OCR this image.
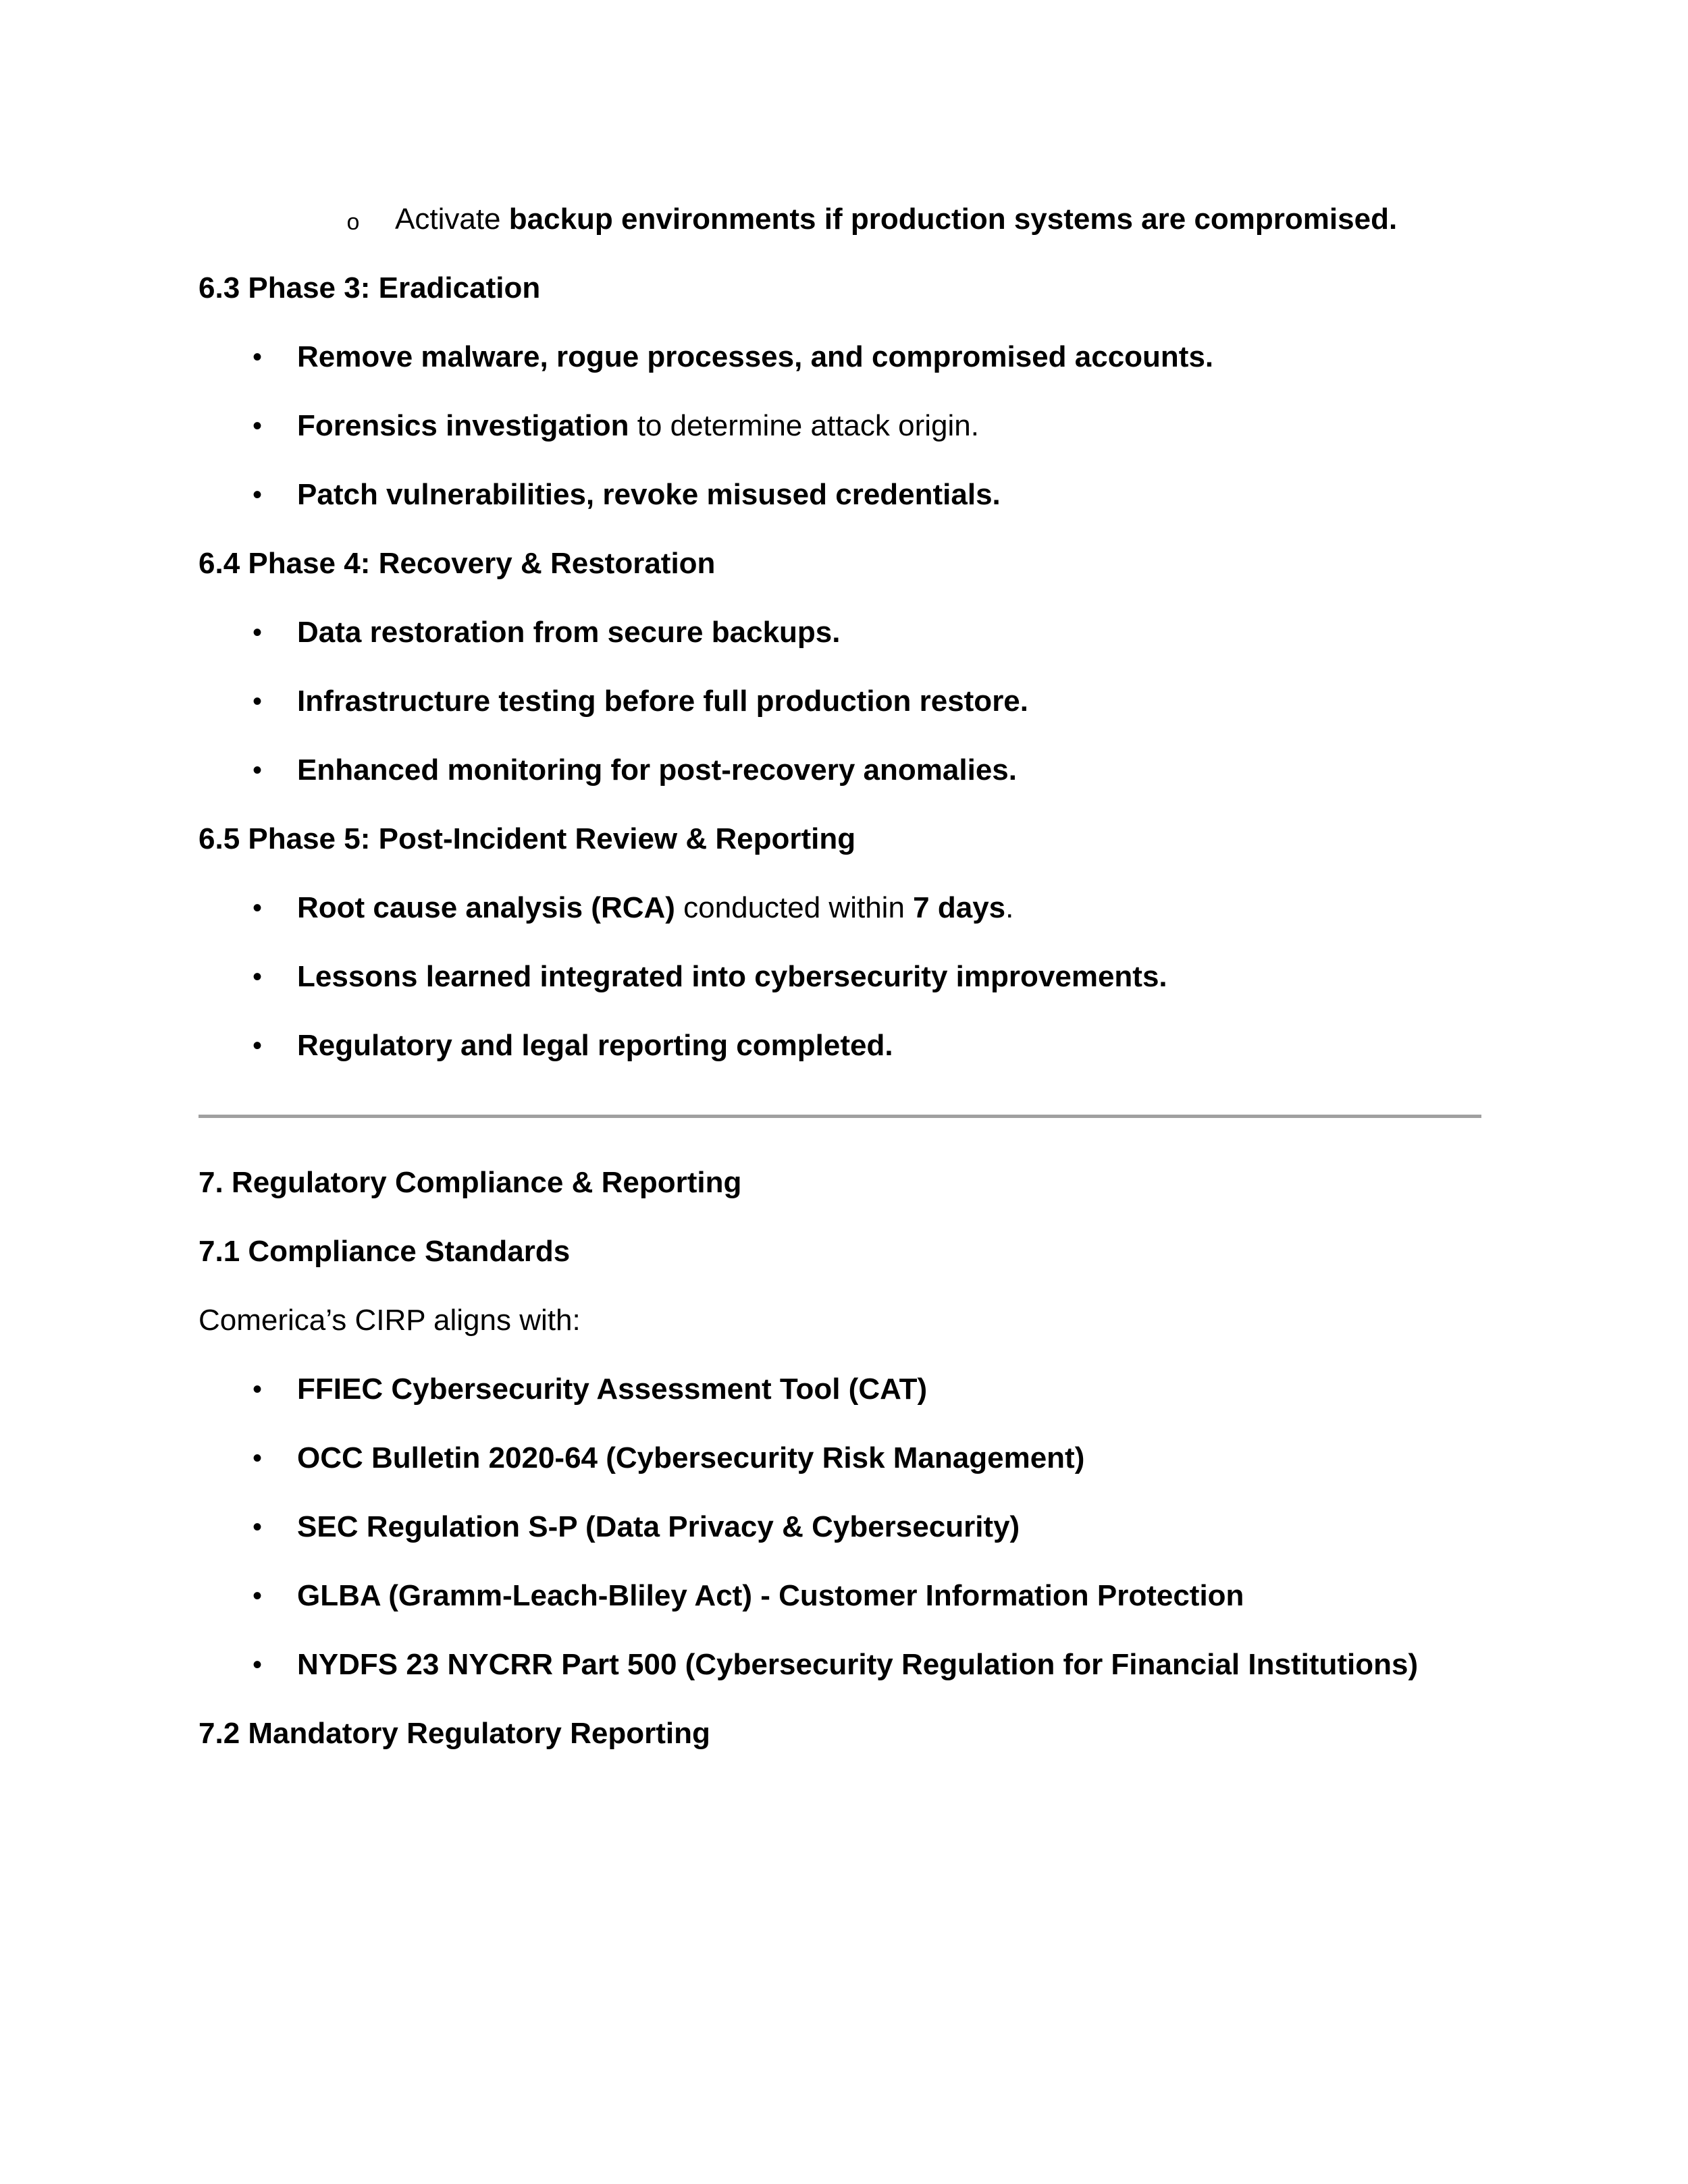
o Activate backup environments if production systems are compromised.
6.3 Phase 3: Eradication
• Remove malware, rogue processes, and compromised accounts.
• Forensics investigation to determine attack origin.
• Patch vulnerabilities, revoke misused credentials.
6.4 Phase 4: Recovery & Restoration
• Data restoration from secure backups.
• Infrastructure testing before full production restore.
• Enhanced monitoring for post-recovery anomalies.
6.5 Phase 5: Post-Incident Review & Reporting
• Root cause analysis (RCA) conducted within 7 days.
• Lessons learned integrated into cybersecurity improvements.
• Regulatory and legal reporting completed.
7. Regulatory Compliance & Reporting
7.1 Compliance Standards
Comerica’s CIRP aligns with:
• FFIEC Cybersecurity Assessment Tool (CAT)
• OCC Bulletin 2020-64 (Cybersecurity Risk Management)
• SEC Regulation S-P (Data Privacy & Cybersecurity)
• GLBA (Gramm-Leach-Bliley Act) - Customer Information Protection
• NYDFS 23 NYCRR Part 500 (Cybersecurity Regulation for Financial Institutions)
7.2 Mandatory Regulatory Reporting
